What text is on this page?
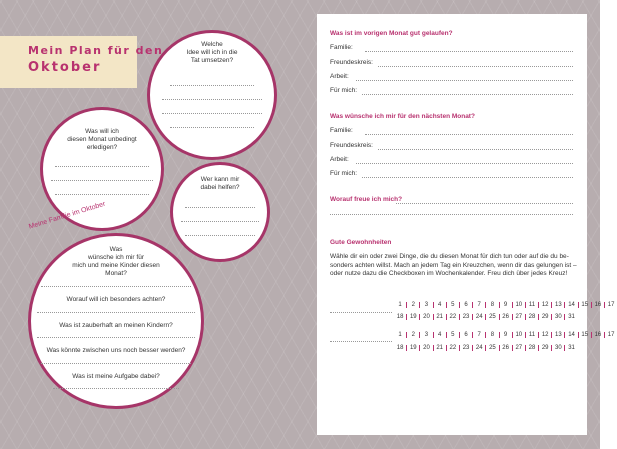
Mein Plan für den
Oktober
Welche
Idee will ich in die
Tat umsetzen?
Was will ich
diesen Monat unbedingt
erledigen?
Wer kann mir
dabei helfen?
Meine Familie im Oktober
Was
wünsche ich mir für
mich und meine Kinder diesen
Monat?
Worauf will ich besonders achten?
Was ist zauberhaft an meinen Kindern?
Was könnte zwischen uns noch besser werden?
Was ist meine Aufgabe dabei?
Was ist im vorigen Monat gut gelaufen?
Familie:
Freundeskreis:
Arbeit:
Für mich:
Was wünsche ich mir für den nächsten Monat?
Familie:
Freundeskreis:
Arbeit:
Für mich:
Worauf freue ich mich?
Gute Gewohnheiten
Wähle dir ein oder zwei Dinge, die du diesen Monat für dich tun oder auf die du besonders achten willst. Mach an jedem Tag ein Kreuzchen, wenn dir das gelungen ist – oder nutze dazu die Checkboxen im Wochenkalender. Freu dich über jedes Kreuz!
1 2 3 4 5 6 7 8 9 10 11 12 13 14 15 16 17
18 19 20 21 22 23 24 25 26 27 28 29 30 31
1 2 3 4 5 6 7 8 9 10 11 12 13 14 15 16 17
18 19 20 21 22 23 24 25 26 27 28 29 30 31
